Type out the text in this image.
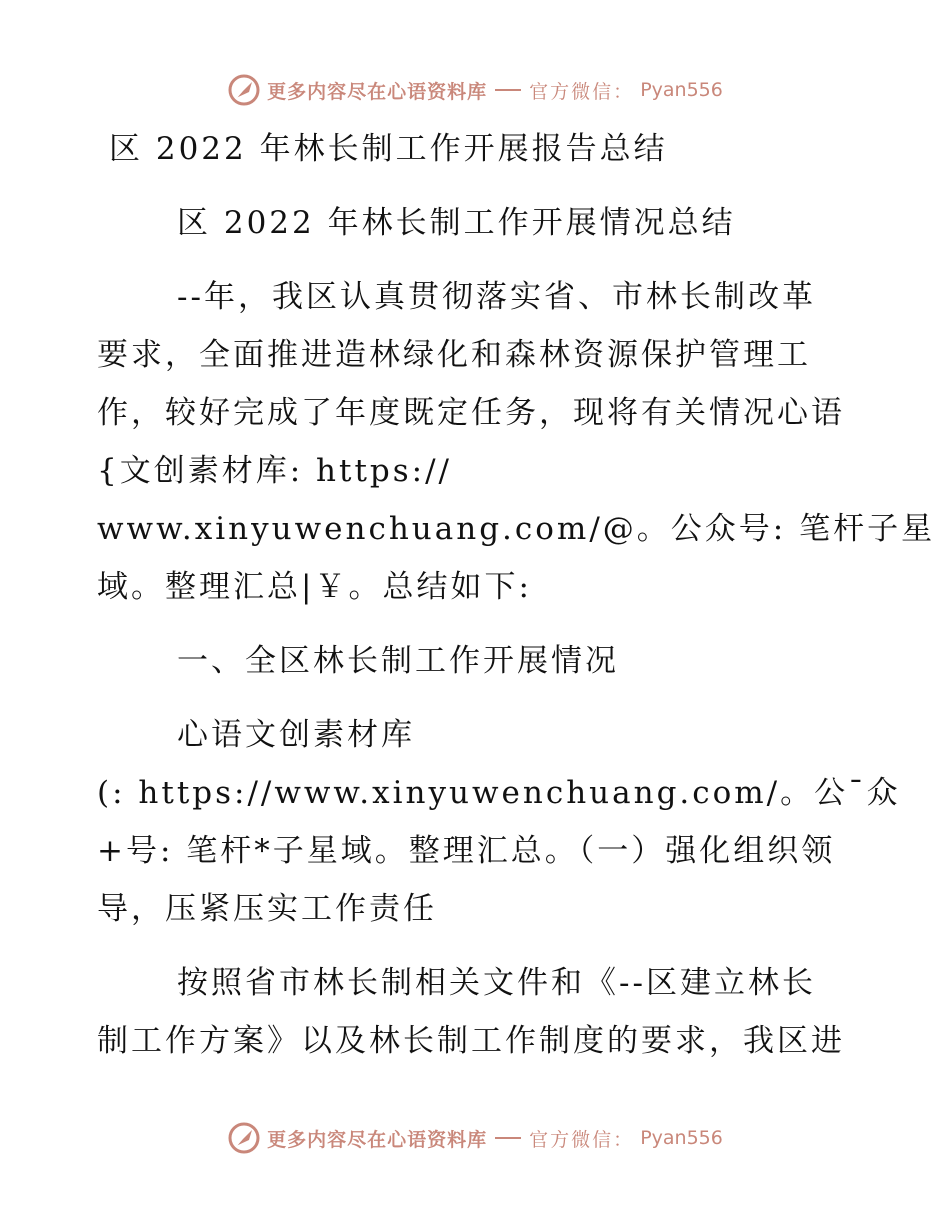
更多内容尽在心语资料库 官方微信： Pyan556
区 2022 年林长制工作开展报告总结
区 2022 年林长制工作开展情况总结
--年，我区认真贯彻落实省、市林长制改革
要求，全面推进造林绿化和森林资源保护管理工
作，较好完成了年度既定任务，现将有关情况心语
{文创素材库: https://
www.xinyuwenchuang.com/@。公众号: 笔杆子星
域。整理汇总|￥。总结如下:
一、全区林长制工作开展情况
心语文创素材库
(: https://www.xinyuwenchuang.com/。公¯众
+号: 笔杆*子星域。整理汇总。（一）强化组织领
导，压紧压实工作责任
按照省市林长制相关文件和《--区建立林长
制工作方案》以及林长制工作制度的要求，我区进
更多内容尽在心语资料库 官方微信： Pyan556
